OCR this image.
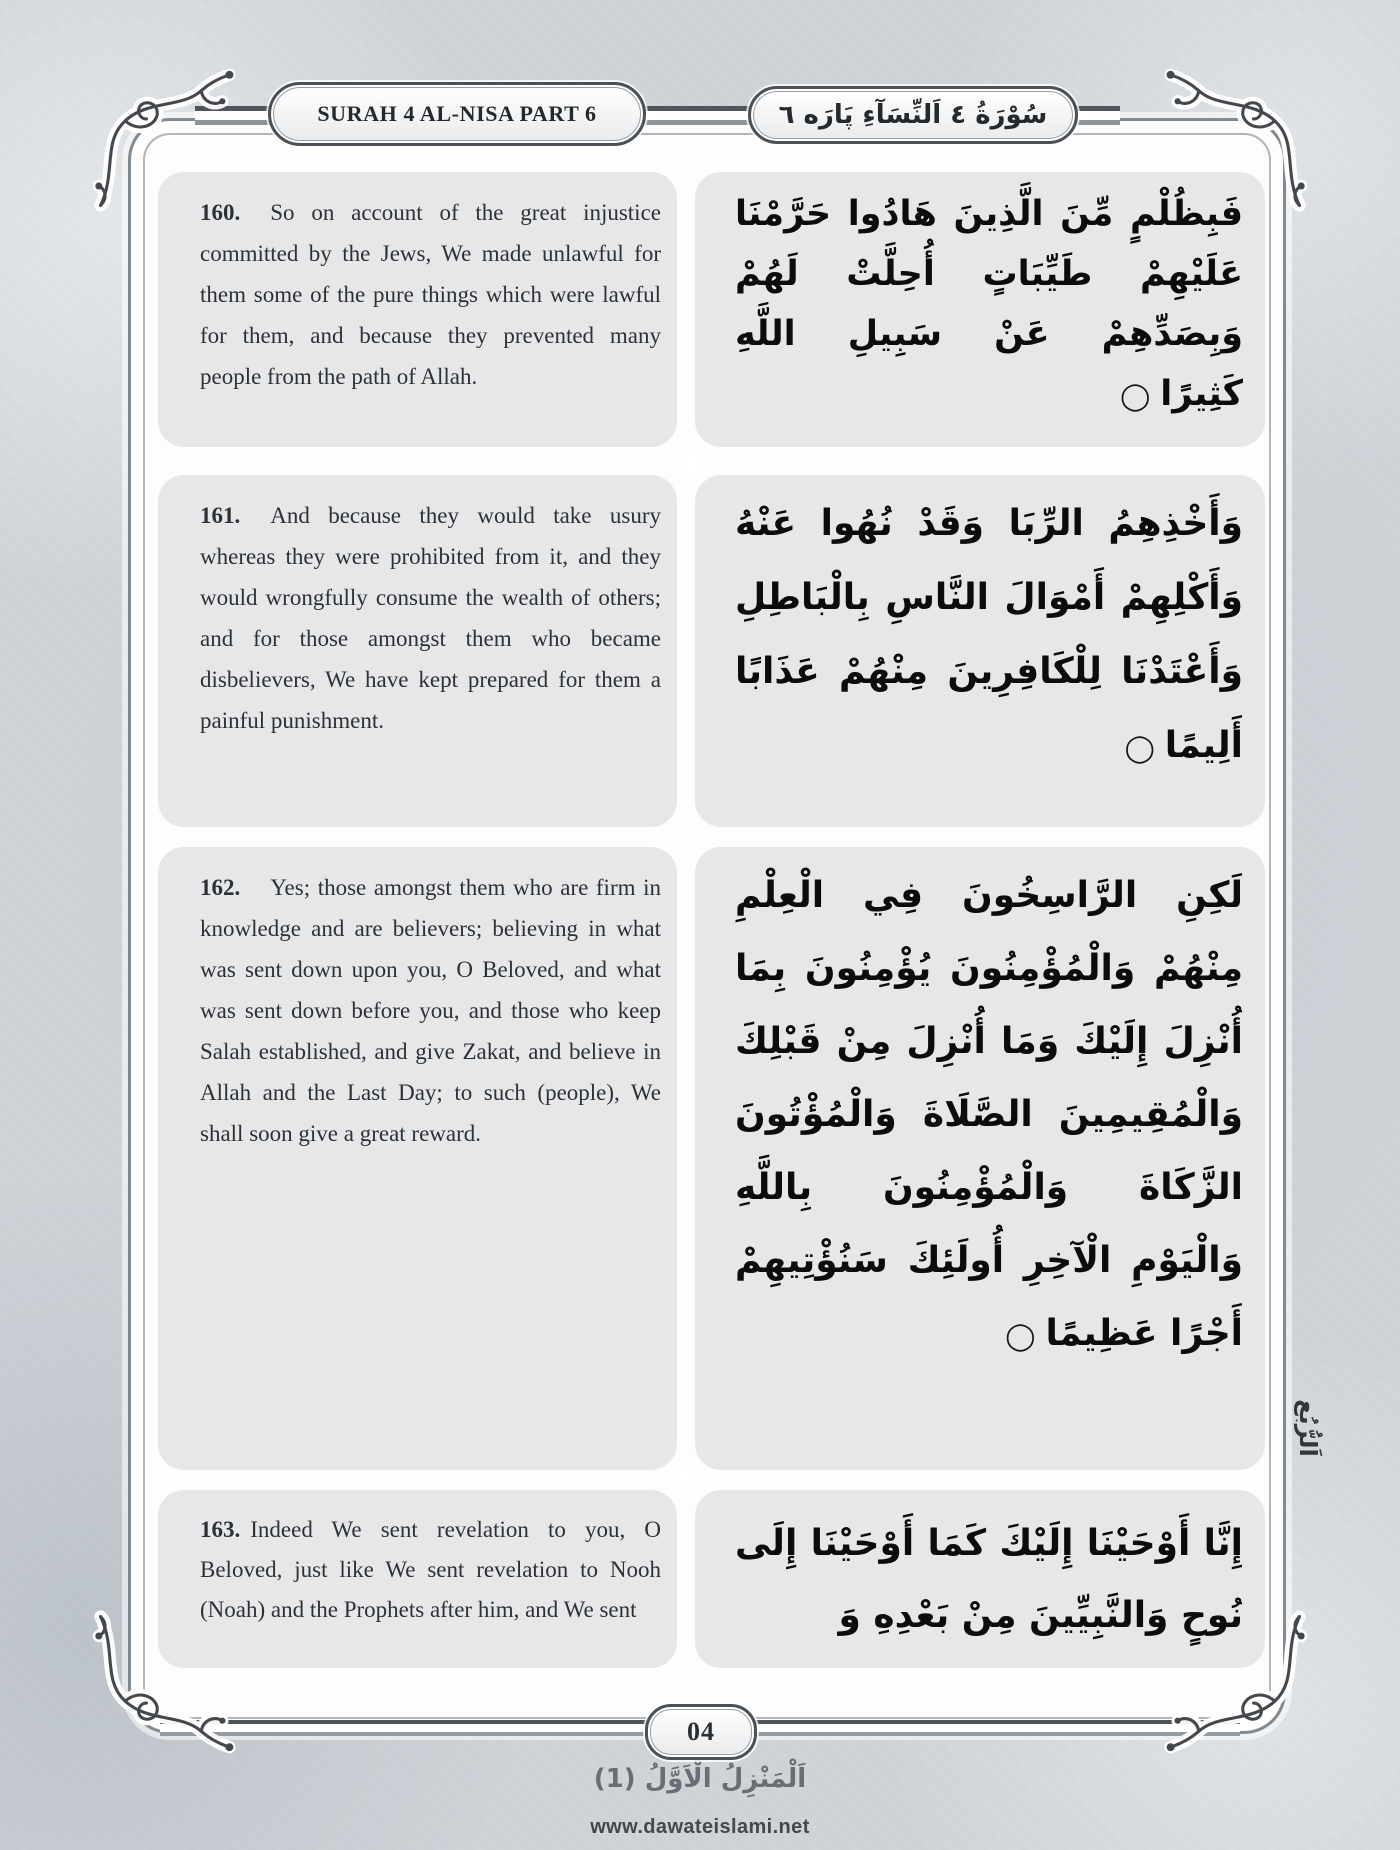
SURAH 4 AL-NISA PART 6	سُوْرَةُ ٤ اَلنِّسَآءِ پَارَه ٦

160. So on account of the great injustice committed by the Jews, We made unlawful for them some of the pure things which were lawful for them, and because they prevented many people from the path of Allah.

فَبِظُلْمٍ مِّنَ الَّذِينَ هَادُوا حَرَّمْنَا عَلَيْهِمْ طَيِّبَاتٍ أُحِلَّتْ لَهُمْ وَبِصَدِّهِمْ عَنْ سَبِيلِ اللَّهِ كَثِيرًا◯

161. And because they would take usury whereas they were prohibited from it, and they would wrongfully consume the wealth of others; and for those amongst them who became disbelievers, We have kept prepared for them a painful punishment.

وَأَخْذِهِمُ الرِّبَا وَقَدْ نُهُوا عَنْهُ وَأَكْلِهِمْ أَمْوَالَ النَّاسِ بِالْبَاطِلِ وَأَعْتَدْنَا لِلْكَافِرِينَ مِنْهُمْ عَذَابًا أَلِيمًا◯

162. Yes; those amongst them who are firm in knowledge and are believers; believing in what was sent down upon you, O Beloved, and what was sent down before you, and those who keep Salah established, and give Zakat, and believe in Allah and the Last Day; to such (people), We shall soon give a great reward.

لَكِنِ الرَّاسِخُونَ فِي الْعِلْمِ مِنْهُمْ وَالْمُؤْمِنُونَ يُؤْمِنُونَ بِمَا أُنْزِلَ إِلَيْكَ وَمَا أُنْزِلَ مِنْ قَبْلِكَ وَالْمُقِيمِينَ الصَّلَاةَ وَالْمُؤْتُونَ الزَّكَاةَ وَالْمُؤْمِنُونَ بِاللَّهِ وَالْيَوْمِ الْآخِرِ أُولَئِكَ سَنُؤْتِيهِمْ أَجْرًا عَظِيمًا◯

163. Indeed We sent revelation to you, O Beloved, just like We sent revelation to Nooh (Noah) and the Prophets after him, and We sent

إِنَّا أَوْحَيْنَا إِلَيْكَ كَمَا أَوْحَيْنَا إِلَى نُوحٍ وَالنَّبِيِّينَ مِنْ بَعْدِهِ وَ

اَلرُّبُع
04
اَلْمَنْزِلُ الْاَوَّلُ (1)
www.dawateislami.net
